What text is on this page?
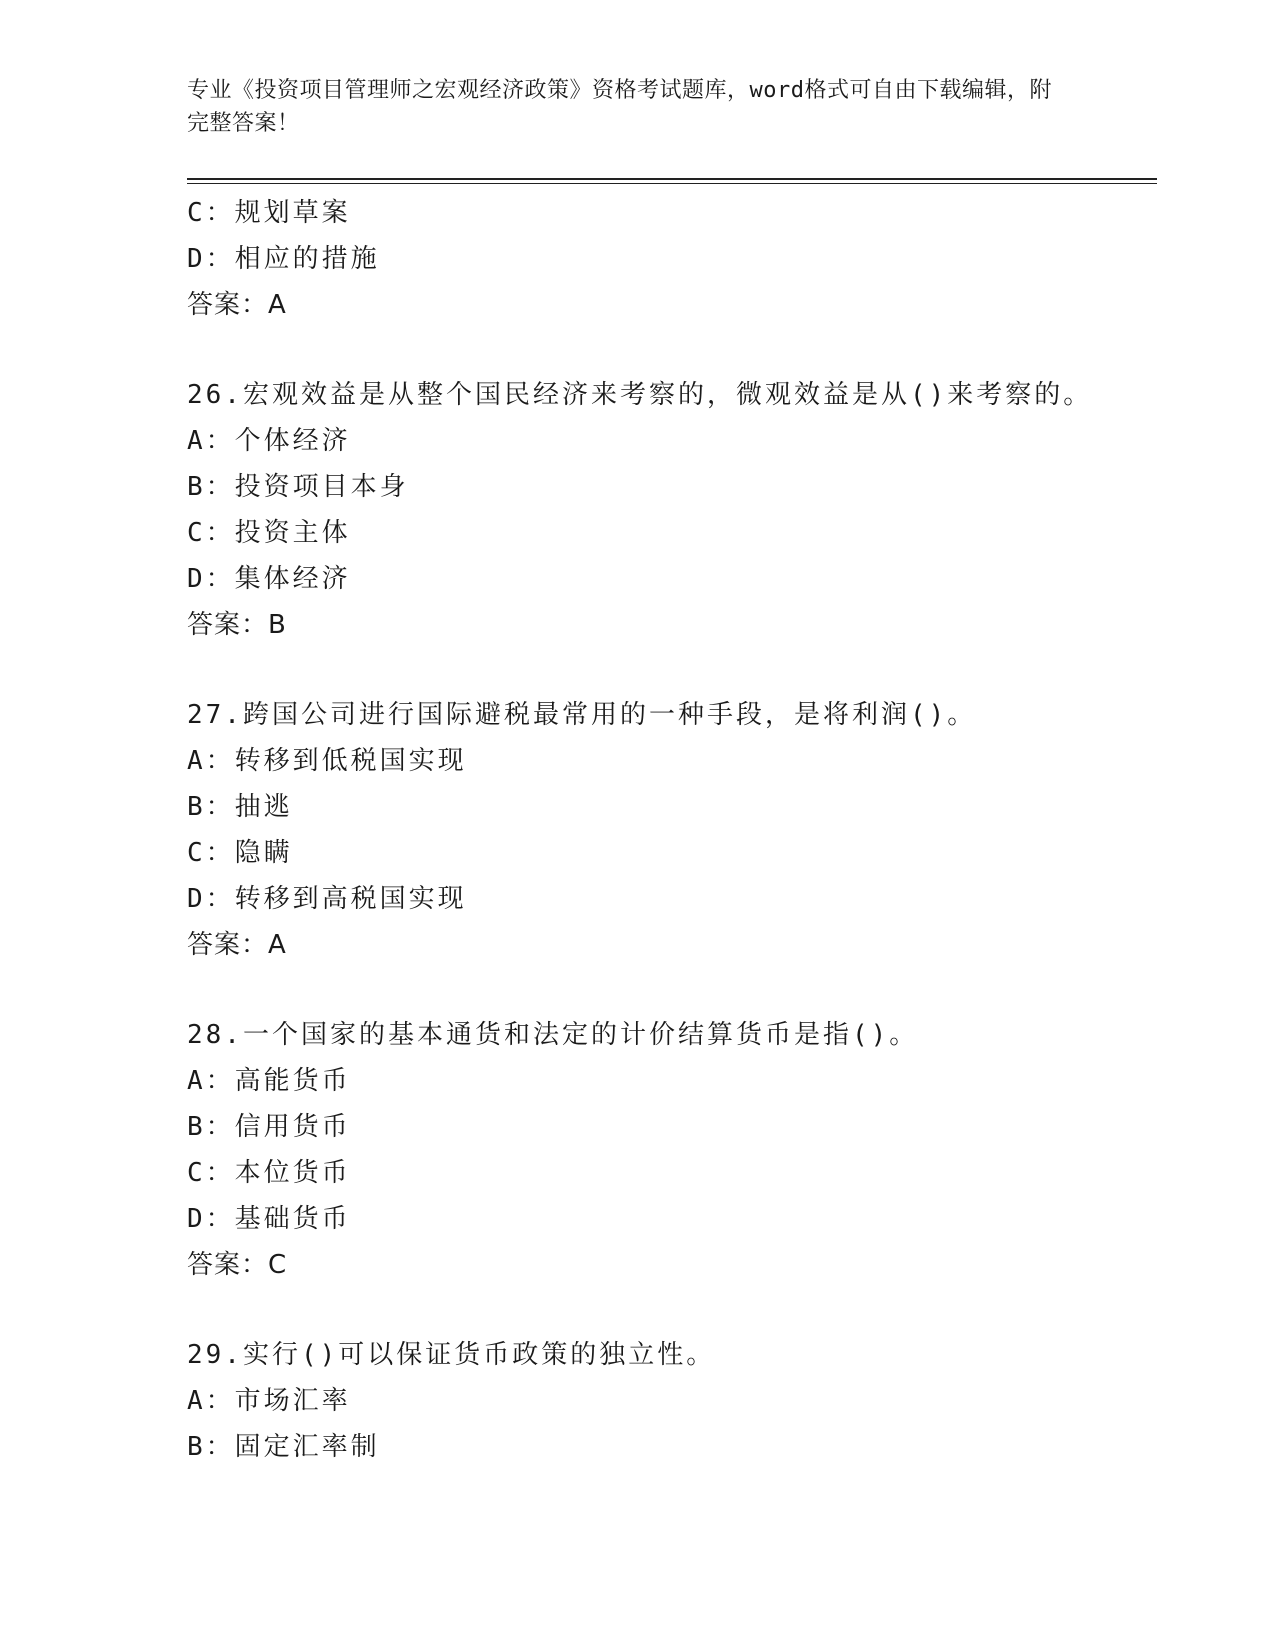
专业《投资项目管理师之宏观经济政策》资格考试题库，word格式可自由下载编辑，附完整答案！
C：规划草案
D：相应的措施
答案：A
26.宏观效益是从整个国民经济来考察的，微观效益是从()来考察的。
A：个体经济
B：投资项目本身
C：投资主体
D：集体经济
答案：B
27.跨国公司进行国际避税最常用的一种手段，是将利润()。
A：转移到低税国实现
B：抽逃
C：隐瞒
D：转移到高税国实现
答案：A
28.一个国家的基本通货和法定的计价结算货币是指()。
A：高能货币
B：信用货币
C：本位货币
D：基础货币
答案：C
29.实行()可以保证货币政策的独立性。
A：市场汇率
B：固定汇率制
